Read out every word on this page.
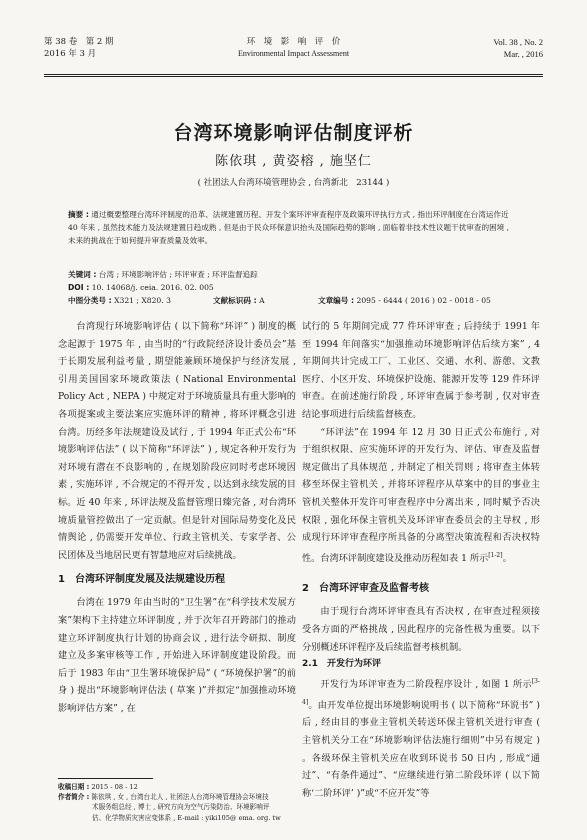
第 38 卷　第 2 期
2016 年 3 月
环　境　影　响　评　价
Environmental Impact Assessment
Vol. 38 , No. 2
Mar. , 2016
台湾环境影响评估制度评析
陈依琪 , 黄姿榕 , 施坚仁
( 社团法人台湾环境管理协会 , 台湾新北　23144 )
摘要 : 通过概要整理台湾环评制度的沿革、法规建置历程、开发个案环评审查程序及政策环评执行方式 , 指出环评制度在台湾运作近 40 年来 , 虽然技术能力及法规建置日趋成熟 , 但是由于民众环保意识抬头及国际趋势的影响 , 面临着非技术性议题干扰审查的困境 , 未来的挑战在于如何提升审查质量及效率。
关键词 : 台湾 ; 环境影响评估 ; 环评审查 ; 环评监督追踪
DOI : 10. 14068/j. ceia. 2016. 02. 005
中图分类号 : X321 ; X820. 3	文献标识码 : A	文章编号 : 2095 - 6444 ( 2016 ) 02 - 0018 - 05

台湾现行环境影响评估 ( 以下简称“环评” ) 制度的概念起源于 1975 年 , 由当时的“行政院经济设计委员会”基于长期发展利益考量 , 期望能兼顾环境保护与经济发展 , 引用美国国家环境政策法 ( National Environmental Policy Act , NEPA ) 中规定对于环境质量具有重大影响的各项提案或主要法案应实施环评的精神 , 将环评概念引进台湾。历经多年法规建设及试行 , 于 1994 年正式公布“环境影响评估法” ( 以下简称“环评法” ) , 规定各种开发行为对环境有潜在不良影响的 , 在规划阶段应同时考虑环境因素 , 实施环评 , 不合规定的不得开发 , 以达到永续发展的目标。近 40 年来 , 环评法规及监督管理日臻完备 , 对台湾环境质量管控做出了一定贡献。但是针对国际局势变化及民情舆论 , 仍需要开发单位、行政主管机关、专家学者、公民团体及当地居民更有智慧地应对后续挑战。

1　台湾环评制度发展及法规建设历程

台湾在 1979 年由当时的“卫生署”在“科学技术发展方案”架构下主持建立环评制度 , 并于次年召开跨部门的推动建立环评制度执行计划的协商会议 , 进行法令研拟、制度建立及多案审核等工作 , 开始进入环评制度建设阶段。而后于 1983 年由“卫生署环境保护局” ( “环境保护署”的前身 ) 提出“环境影响评估法 ( 草案 )”并拟定“加强推动环境影响评估方案” , 在

试行的 5 年期间完成 77 件环评审查 ; 后持续于 1991 年至 1994 年间落实“加强推动环境影响评估后续方案” , 4 年期间共计完成工厂、工业区、交通、水利、游憩、文教医疗、小区开发、环境保护设施、能源开发等 129 件环评审查。在前述施行阶段 , 环评审查属于参考制 , 仅对审查结论事项进行后续监督核查。

“环评法”在 1994 年 12 月 30 日正式公布施行 , 对于组织权限、应实施环评的开发行为、评估、审查及监督规定做出了具体规范 , 并制定了相关罚则 ; 将审查主体转移至环保主管机关 , 并将环评程序从草案中的目的事业主管机关整体开发许可审查程序中分离出来 , 同时赋予否决权限 , 强化环保主管机关及环评审查委员会的主导权 , 形成现行环评审查程序所具备的分离型决策流程和否决权特性。台湾环评制度建设及推动历程如表 1 所示[1-2]。

2　台湾环评审查及监督考核

由于现行台湾环评审查具有否决权 , 在审查过程须接受各方面的严格挑战 , 因此程序的完备性极为重要。以下分别概述环评程序及后续监督考核机制。

2.1　开发行为环评

开发行为环评审查为二阶段程序设计 , 如图 1 所示[3-4]。由开发单位提出环境影响说明书 ( 以下简称“环说书” ) 后 , 经由目的事业主管机关转送环保主管机关进行审查 ( 主管机关分工在“环境影响评估法施行细则”中另有规定 ) 。各级环保主管机关应在收到环说书 50 日内 , 形成“通过”、“有条件通过”、“应继续进行第二阶段环评 ( 以下简称‘二阶环评’ )”或“不应开发”等

收稿日期 : 2015 - 08 - 12
作者简介 : 陈依琪 , 女 , 台湾台北人 , 社团法人台湾环境管理协会环境技
术服务组总经 , 博士 , 研究方向为空气污染防治、环境影响评
估、化学物质灾害应变体系 , E-mail : yiki105@ ema. org. tw
